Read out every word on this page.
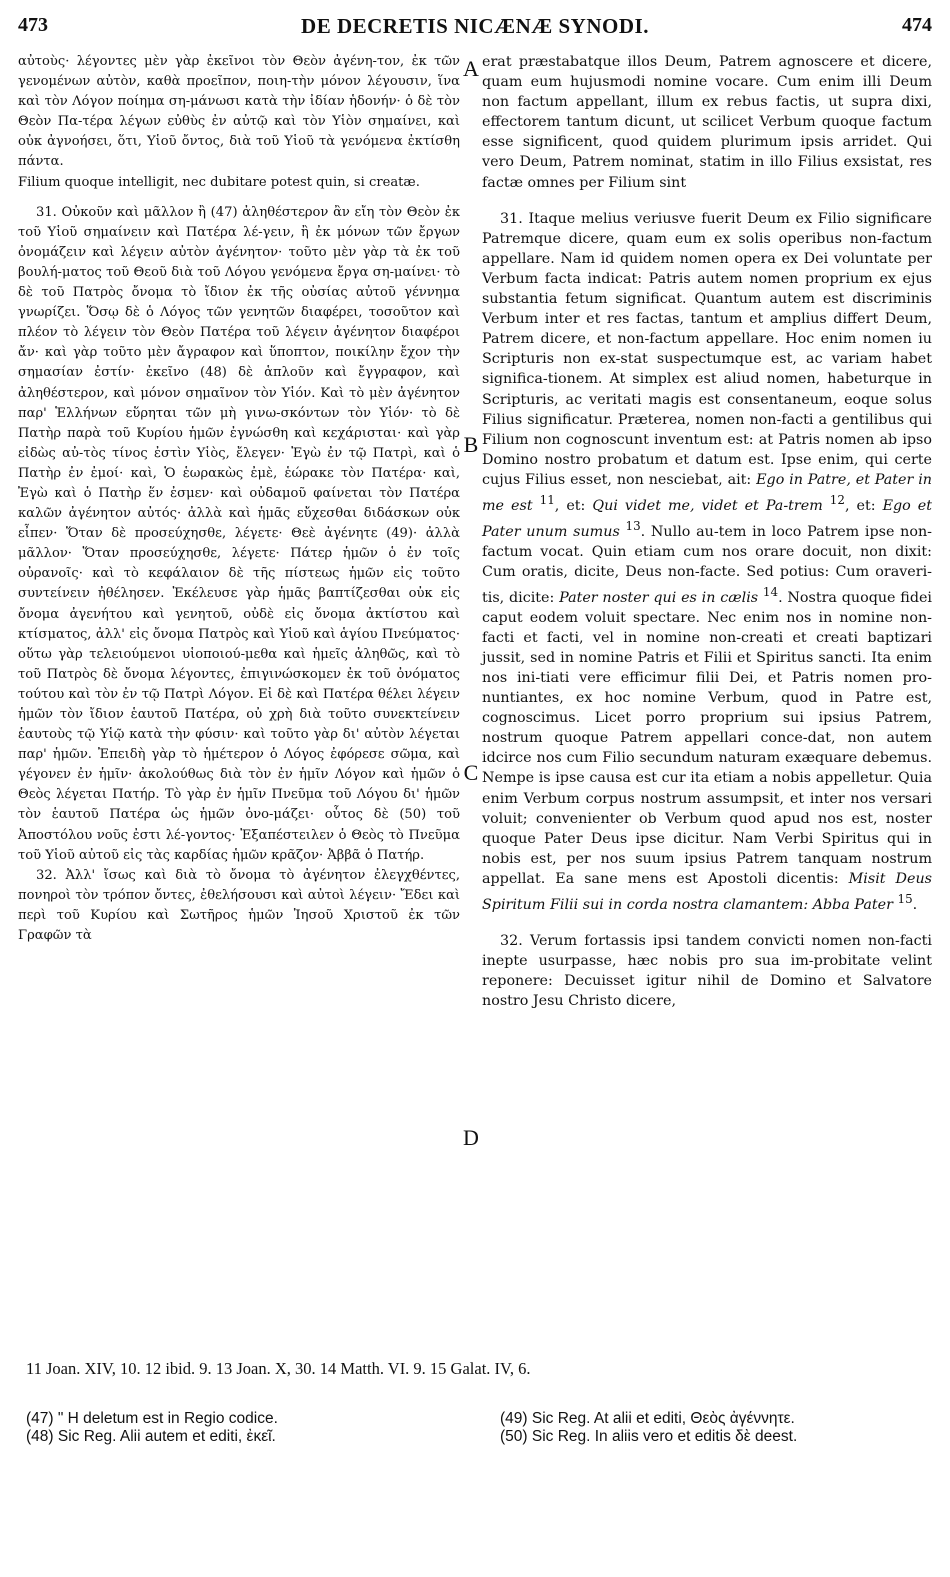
473	DE DECRETIS NICÆNÆ SYNODI.	474

αὐτοὺς· λέγοντες μὲν γὰρ ἐκεῖνοι τὸν Θεὸν ἀγένη-τον, ἐκ τῶν γενομένων αὐτὸν, καθὰ προεῖπον, ποιη-τὴν μόνον λέγουσιν, ἵνα καὶ τὸν Λόγον ποίημα ση-μάνωσι κατὰ τὴν ἰδίαν ἡδονήν· ὁ δὲ τὸν Θεὸν Πα-τέρα λέγων εὐθὺς ἐν αὐτῷ καὶ τὸν Υἱὸν σημαίνει, καὶ οὐκ ἀγνοήσει, ὅτι, Υἱοῦ ὄντος, διὰ τοῦ Υἱοῦ τὰ γενόμενα ἐκτίσθη πάντα.

Filium quoque intelligit, nec dubitare potest quin, si creatæ.

31. Οὐκοῦν καὶ μᾶλλον ἢ (47) ἀληθέστερον ἂν εἴη τὸν Θεὸν ἐκ τοῦ Υἱοῦ σημαίνειν καὶ Πατέρα λέ-γειν, ἢ ἐκ μόνων τῶν ἔργων ὀνομάζειν καὶ λέγειν αὐτὸν ἀγένητον· τοῦτο μὲν γὰρ τὰ ἐκ τοῦ βουλή-ματος τοῦ Θεοῦ διὰ τοῦ Λόγου γενόμενα ἔργα ση-μαίνει· τὸ δὲ τοῦ Πατρὸς ὄνομα τὸ ἴδιον ἐκ τῆς οὐσίας αὐτοῦ γέννημα γνωρίζει. Ὅσῳ δὲ ὁ Λόγος τῶν γενητῶν διαφέρει, τοσοῦτον καὶ πλέον τὸ λέγειν τὸν Θεὸν Πατέρα τοῦ λέγειν ἀγένητον διαφέροι ἄν· καὶ γὰρ τοῦτο μὲν ἄγραφον καὶ ὕποπτον, ποικίλην ἔχον τὴν σημασίαν ἐστίν· ἐκεῖνο (48) δὲ ἁπλοῦν καὶ ἔγγραφον, καὶ ἀληθέστερον, καὶ μόνον σημαῖνον τὸν Υἱόν. Καὶ τὸ μὲν ἀγένητον παρ' Ἑλλήνων εὕρηται τῶν μὴ γινω-σκόντων τὸν Υἱόν· τὸ δὲ Πατὴρ παρὰ τοῦ Κυρίου ἡμῶν ἐγνώσθη καὶ κεχάρισται· καὶ γὰρ εἰδὼς αὐ-τὸς τίνος ἐστὶν Υἱὸς, ἔλεγεν· Ἐγὼ ἐν τῷ Πατρὶ, καὶ ὁ Πατὴρ ἐν ἐμοί· καὶ, Ὁ ἑωρακὼς ἐμὲ, ἑώρακε τὸν Πατέρα· καὶ, Ἐγὼ καὶ ὁ Πατὴρ ἕν ἐσμεν· καὶ οὐδαμοῦ φαίνεται τὸν Πατέρα καλῶν ἀγένητον αὐτός· ἀλλὰ καὶ ἡμᾶς εὔχεσθαι διδάσκων οὐκ εἶπεν· Ὅταν δὲ προσεύχησθε, λέγετε· Θεὲ ἀγένητε (49)· ἀλλὰ μᾶλλον· Ὅταν προσεύχησθε, λέγετε· Πάτερ ἡμῶν ὁ ἐν τοῖς οὐρανοῖς· καὶ τὸ κεφάλαιον δὲ τῆς πίστεως ἡμῶν εἰς τοῦτο συντείνειν ἠθέλησεν. Ἐκέλευσε γὰρ ἡμᾶς βαπτίζεσθαι οὐκ εἰς ὄνομα ἀγενήτου καὶ γενητοῦ, οὐδὲ εἰς ὄνομα ἀκτίστου καὶ κτίσματος, ἀλλ' εἰς ὄνομα Πατρὸς καὶ Υἱοῦ καὶ ἁγίου Πνεύματος· οὕτω γὰρ τελειούμενοι υἱοποιού-μεθα καὶ ἡμεῖς ἀληθῶς, καὶ τὸ τοῦ Πατρὸς δὲ ὄνομα λέγοντες, ἐπιγινώσκομεν ἐκ τοῦ ὀνόματος τούτου καὶ τὸν ἐν τῷ Πατρὶ Λόγον. Εἰ δὲ καὶ Πατέρα θέλει λέγειν ἡμῶν τὸν ἴδιον ἑαυτοῦ Πατέρα, οὐ χρὴ διὰ τοῦτο συνεκτείνειν ἑαυτοὺς τῷ Υἱῷ κατὰ τὴν φύσιν· καὶ τοῦτο γὰρ δι' αὐτὸν λέγεται παρ' ἡμῶν. Ἐπειδὴ γὰρ τὸ ἡμέτερον ὁ Λόγος ἐφόρεσε σῶμα, καὶ γέγονεν ἐν ἡμῖν· ἀκολούθως διὰ τὸν ἐν ἡμῖν Λόγον καὶ ἡμῶν ὁ Θεὸς λέγεται Πατήρ. Τὸ γὰρ ἐν ἡμῖν Πνεῦμα τοῦ Λόγου δι' ἡμῶν τὸν ἑαυτοῦ Πατέρα ὡς ἡμῶν ὀνο-μάζει· οὗτος δὲ (50) τοῦ Ἀποστόλου νοῦς ἐστι λέ-γοντος· Ἐξαπέστειλεν ὁ Θεὸς τὸ Πνεῦμα τοῦ Υἱοῦ αὐτοῦ εἰς τὰς καρδίας ἡμῶν κρᾶζον· Ἀββᾶ ὁ Πατήρ.

32. Ἀλλ' ἴσως καὶ διὰ τὸ ὄνομα τὸ ἀγένητον ἐλεγχθέντες, πονηροὶ τὸν τρόπον ὄντες, ἐθελήσουσι καὶ αὐτοὶ λέγειν· Ἔδει καὶ περὶ τοῦ Κυρίου καὶ Σωτῆρος ἡμῶν Ἰησοῦ Χριστοῦ ἐκ τῶν Γραφῶν τὰ

A
B
C
D

erat præstabatque illos Deum, Patrem agnoscere et dicere, quam eum hujusmodi nomine vocare. Cum enim illi Deum non factum appellant, illum ex rebus factis, ut supra dixi, effectorem tantum dicunt, ut scilicet Verbum quoque factum esse significent, quod quidem plurimum ipsis arridet. Qui vero Deum, Patrem nominat, statim in illo Filius exsistat, res factæ omnes per Filium sint

31. Itaque melius veriusve fuerit Deum ex Filio significare Patremque dicere, quam eum ex solis operibus non-factum appellare. Nam id quidem nomen opera ex Dei voluntate per Verbum facta indicat: Patris autem nomen proprium ex ejus substantia fetum significat. Quantum autem est discriminis Verbum inter et res factas, tantum et amplius differt Deum, Patrem dicere, et non-factum appellare. Hoc enim nomen iu Scripturis non ex-stat suspectumque est, ac variam habet significa-tionem. At simplex est aliud nomen, habeturque in Scripturis, ac veritati magis est consentaneum, eoque solus Filius significatur. Præterea, nomen non-facti a gentilibus qui Filium non cognoscunt inventum est: at Patris nomen ab ipso Domino nostro probatum et datum est. Ipse enim, qui certe cujus Filius esset, non nesciebat, ait: Ego in Patre, et Pater in me est $^{11}$, et: Qui videt me, videt et Pa-trem $^{12}$, et: Ego et Pater unum sumus $^{13}$. Nullo au-tem in loco Patrem ipse non-factum vocat. Quin etiam cum nos orare docuit, non dixit: Cum oratis, dicite, Deus non-facte. Sed potius: Cum oraveri-tis, dicite: Pater noster qui es in cælis $^{14}$. Nostra quoque fidei caput eodem voluit spectare. Nec enim nos in nomine non-facti et facti, vel in nomine non-creati et creati baptizari jussit, sed in nomine Patris et Filii et Spiritus sancti. Ita enim nos ini-tiati vere efficimur filii Dei, et Patris nomen pro-nuntiantes, ex hoc nomine Verbum, quod in Patre est, cognoscimus. Licet porro proprium sui ipsius Patrem, nostrum quoque Patrem appellari conce-dat, non autem idcirce nos cum Filio secundum naturam exæquare debemus. Nempe is ipse causa est cur ita etiam a nobis appelletur. Quia enim Verbum corpus nostrum assumpsit, et inter nos versari voluit; convenienter ob Verbum quod apud nos est, noster quoque Pater Deus ipse dicitur. Nam Verbi Spiritus qui in nobis est, per nos suum ipsius Patrem tanquam nostrum appellat. Ea sane mens est Apostoli dicentis: Misit Deus Spiritum Filii sui in corda nostra clamantem: Abba Pater $^{15}$.

32. Verum fortassis ipsi tandem convicti nomen non-facti inepte usurpasse, hæc nobis pro sua im-probitate velint reponere: Decuisset igitur nihil de Domino et Salvatore nostro Jesu Christo dicere,

11 Joan. XIV, 10. 12 ibid. 9. 13 Joan. X, 30. 14 Matth. VI. 9. 15 Galat. IV, 6.
(47) " H deletum est in Regio codice.
(48) Sic Reg. Alii autem et editi, ἐκεῖ.
(49) Sic Reg. At alii et editi, Θεὸς ἀγέννητε.
(50) Sic Reg. In aliis vero et editis δὲ deest.
